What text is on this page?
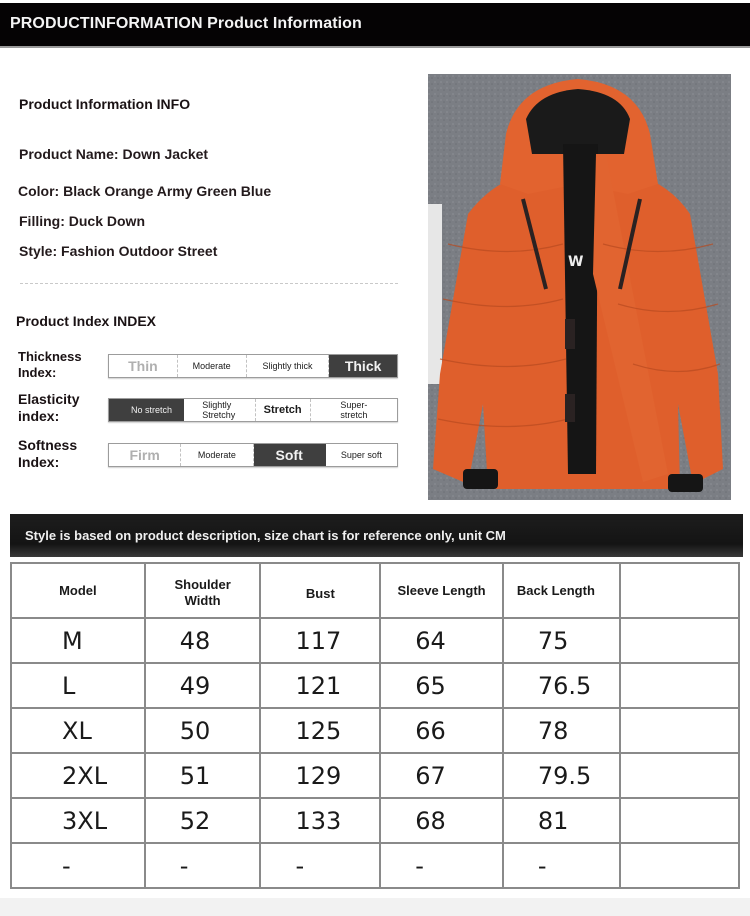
PRODUCTINFORMATION Product Information
Product Information INFO
Product Name: Down Jacket
Color: Black Orange Army Green Blue
Filling: Duck Down
Style: Fashion Outdoor Street
Product Index INDEX
Thickness Index:	Thin	Moderate	Slightly thick	Thick
Elasticity index:	No stretch	Slightly Stretchy	Stretch	Super-stretch
Softness Index:	Firm	Moderate	Soft	Super soft
W
Style is based on product description, size chart is for reference only, unit CM
Model	Shoulder Width	Bust	Sleeve Length	Back Length	
M	48	117	64	75	
L	49	121	65	76.5	
XL	50	125	66	78	
2XL	51	129	67	79.5	
3XL	52	133	68	81	
-	-	-	-	-	
